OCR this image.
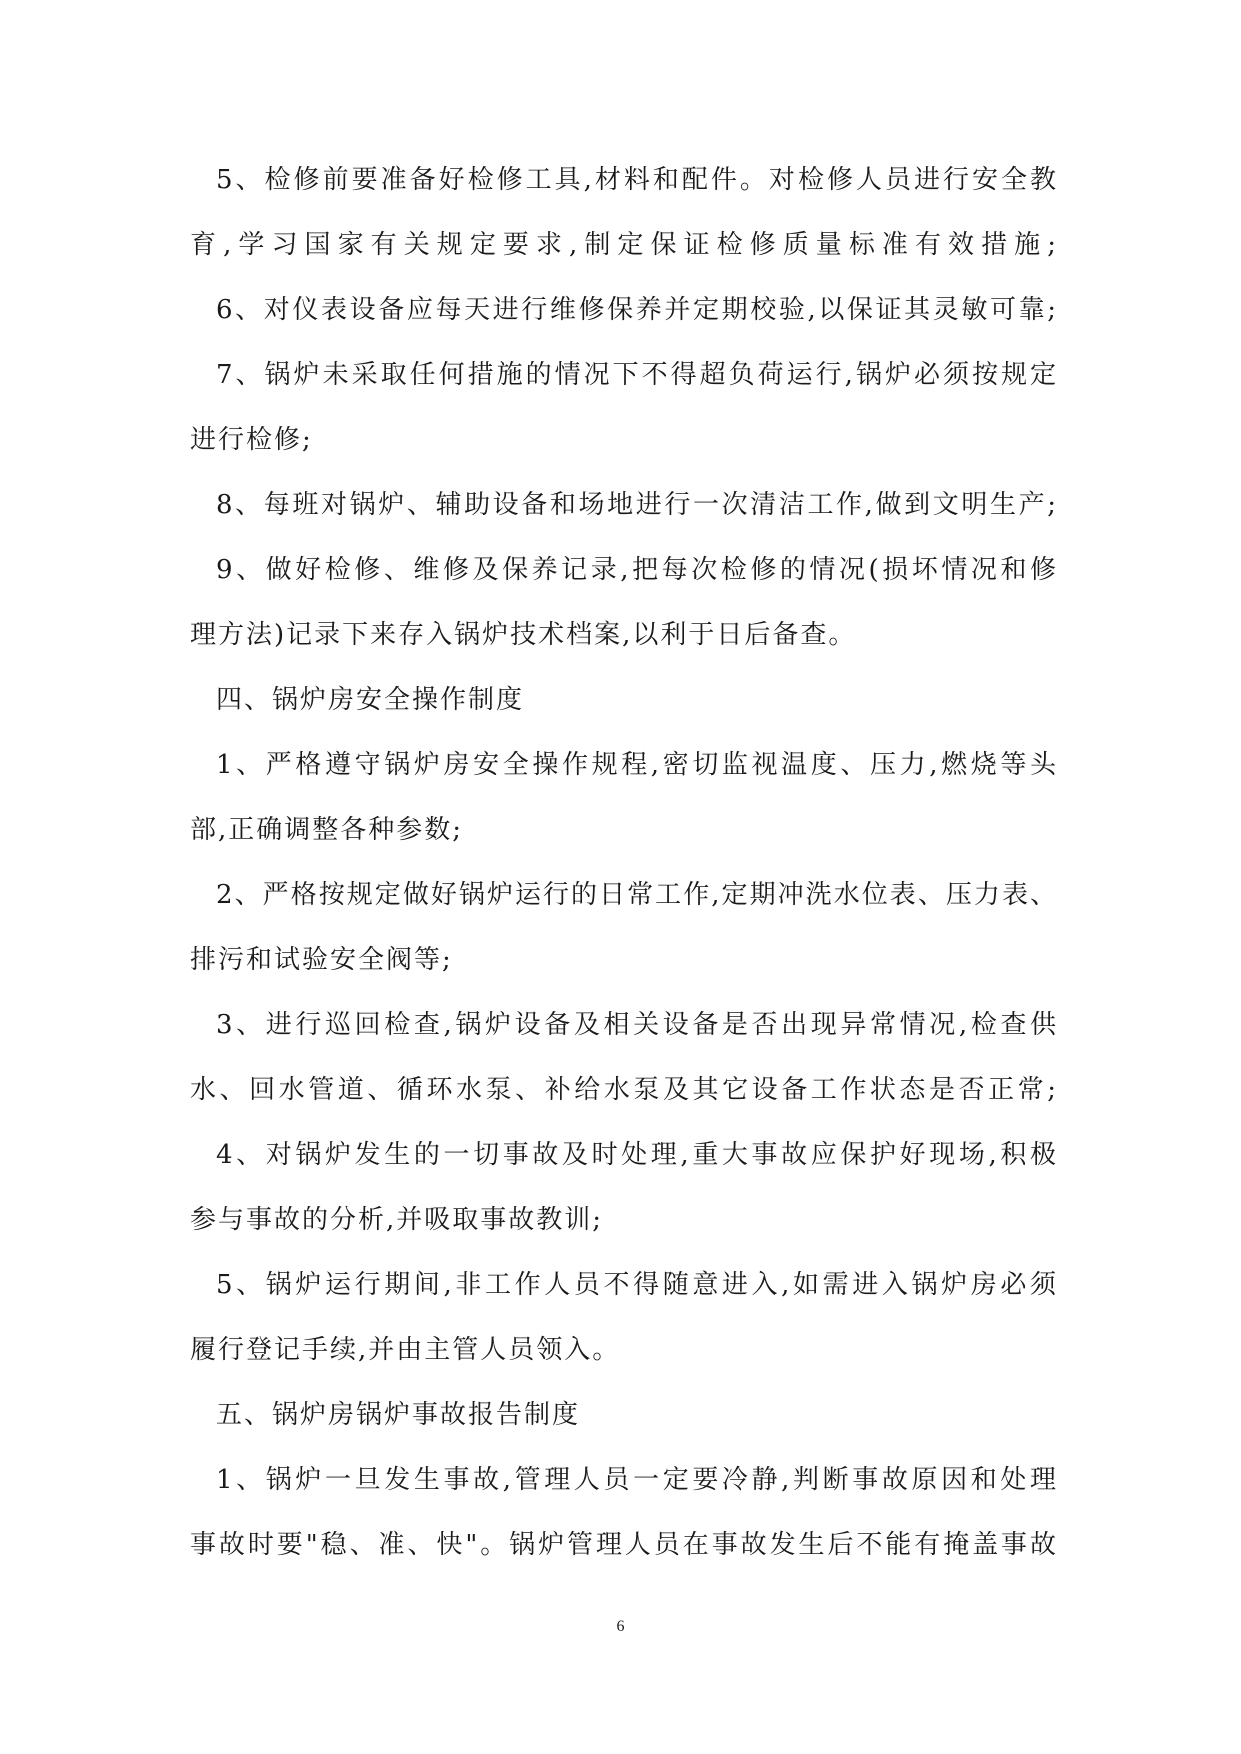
5、检修前要准备好检修工具,材料和配件。对检修人员进行安全教
育,学习国家有关规定要求,制定保证检修质量标准有效措施;
6、对仪表设备应每天进行维修保养并定期校验,以保证其灵敏可靠;
7、锅炉未采取任何措施的情况下不得超负荷运行,锅炉必须按规定
进行检修;
8、每班对锅炉、辅助设备和场地进行一次清洁工作,做到文明生产;
9、做好检修、维修及保养记录,把每次检修的情况(损坏情况和修
理方法)记录下来存入锅炉技术档案,以利于日后备查。
四、锅炉房安全操作制度
1、严格遵守锅炉房安全操作规程,密切监视温度、压力,燃烧等头
部,正确调整各种参数;
2、严格按规定做好锅炉运行的日常工作,定期冲洗水位表、压力表、
排污和试验安全阀等;
3、进行巡回检查,锅炉设备及相关设备是否出现异常情况,检查供
水、回水管道、循环水泵、补给水泵及其它设备工作状态是否正常;
4、对锅炉发生的一切事故及时处理,重大事故应保护好现场,积极
参与事故的分析,并吸取事故教训;
5、锅炉运行期间,非工作人员不得随意进入,如需进入锅炉房必须
履行登记手续,并由主管人员领入。
五、锅炉房锅炉事故报告制度
1、锅炉一旦发生事故,管理人员一定要冷静,判断事故原因和处理
事故时要"稳、准、快"。锅炉管理人员在事故发生后不能有掩盖事故
6
